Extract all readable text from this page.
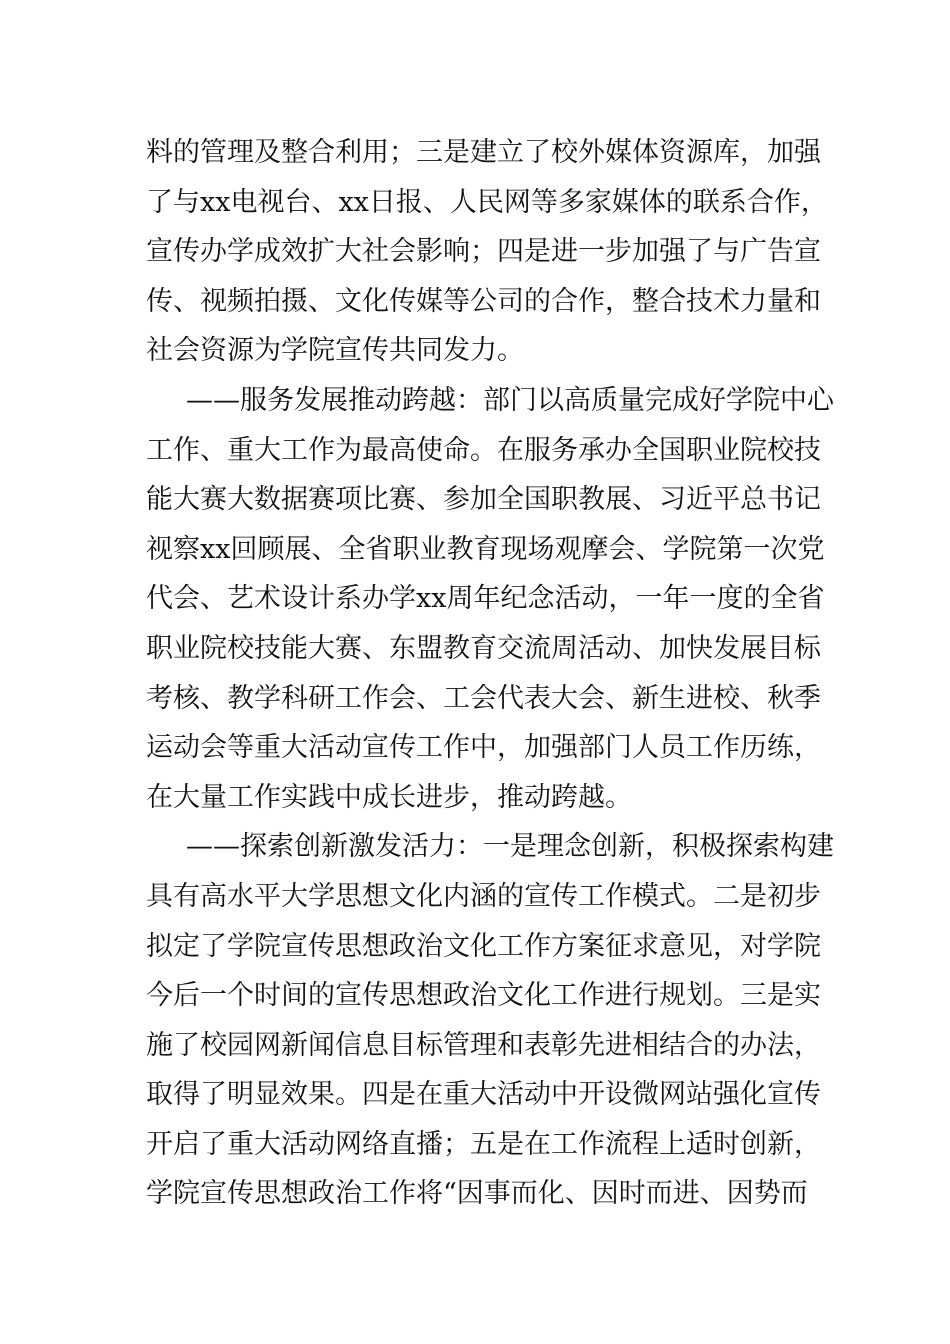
料的管理及整合利用；三是建立了校外媒体资源库，加强
了与xx电视台、xx日报、人民网等多家媒体的联系合作，
宣传办学成效扩大社会影响；四是进一步加强了与广告宣
传、视频拍摄、文化传媒等公司的合作，整合技术力量和
社会资源为学院宣传共同发力。
——服务发展推动跨越：部门以高质量完成好学院中心
工作、重大工作为最高使命。在服务承办全国职业院校技
能大赛大数据赛项比赛、参加全国职教展、习近平总书记
视察xx回顾展、全省职业教育现场观摩会、学院第一次党
代会、艺术设计系办学xx周年纪念活动，一年一度的全省
职业院校技能大赛、东盟教育交流周活动、加快发展目标
考核、教学科研工作会、工会代表大会、新生进校、秋季
运动会等重大活动宣传工作中，加强部门人员工作历练，
在大量工作实践中成长进步，推动跨越。
——探索创新激发活力：一是理念创新，积极探索构建
具有高水平大学思想文化内涵的宣传工作模式。二是初步
拟定了学院宣传思想政治文化工作方案征求意见，对学院
今后一个时间的宣传思想政治文化工作进行规划。三是实
施了校园网新闻信息目标管理和表彰先进相结合的办法，
取得了明显效果。四是在重大活动中开设微网站强化宣传
开启了重大活动网络直播；五是在工作流程上适时创新，
学院宣传思想政治工作将“因事而化、因时而进、因势而
